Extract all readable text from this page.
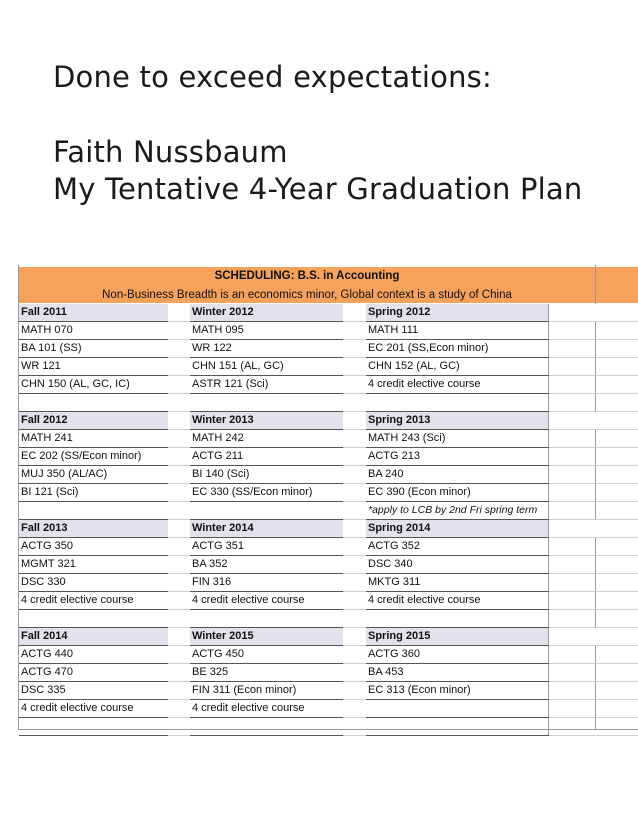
Done to exceed expectations:
Faith Nussbaum
My Tentative 4-Year Graduation Plan
SCHEDULING: B.S. in Accounting
Non-Business Breadth is an economics minor, Global context is a study of China
Fall 2011		Winter 2012		Spring 2012	
MATH 070		MATH 095		MATH 111	
BA 101 (SS)		WR 122		EC 201 (SS,Econ minor)	
WR 121		CHN 151 (AL, GC)		CHN 152 (AL, GC)	
CHN 150 (AL, GC, IC)		ASTR 121 (Sci)		4 credit elective course	

Fall 2012		Winter 2013		Spring 2013	
MATH 241		MATH 242		MATH 243 (Sci)	
EC 202 (SS/Econ minor)		ACTG 211		ACTG 213	
MUJ 350 (AL/AC)		BI 140 (Sci)		BA 240	
BI 121 (Sci)		EC 330 (SS/Econ minor)		EC 390 (Econ minor)	
				*apply to LCB by 2nd Fri spring term	
Fall 2013		Winter 2014		Spring 2014	
ACTG 350		ACTG 351		ACTG 352	
MGMT 321		BA 352		DSC 340	
DSC 330		FIN 316		MKTG 311	
4 credit elective course		4 credit elective course		4 credit elective course	

Fall 2014		Winter 2015		Spring 2015	
ACTG 440		ACTG 450		ACTG 360	
ACTG 470		BE 325		BA 453	
DSC 335		FIN 311 (Econ minor)		EC 313 (Econ minor)	
4 credit elective course		4 credit elective course			
